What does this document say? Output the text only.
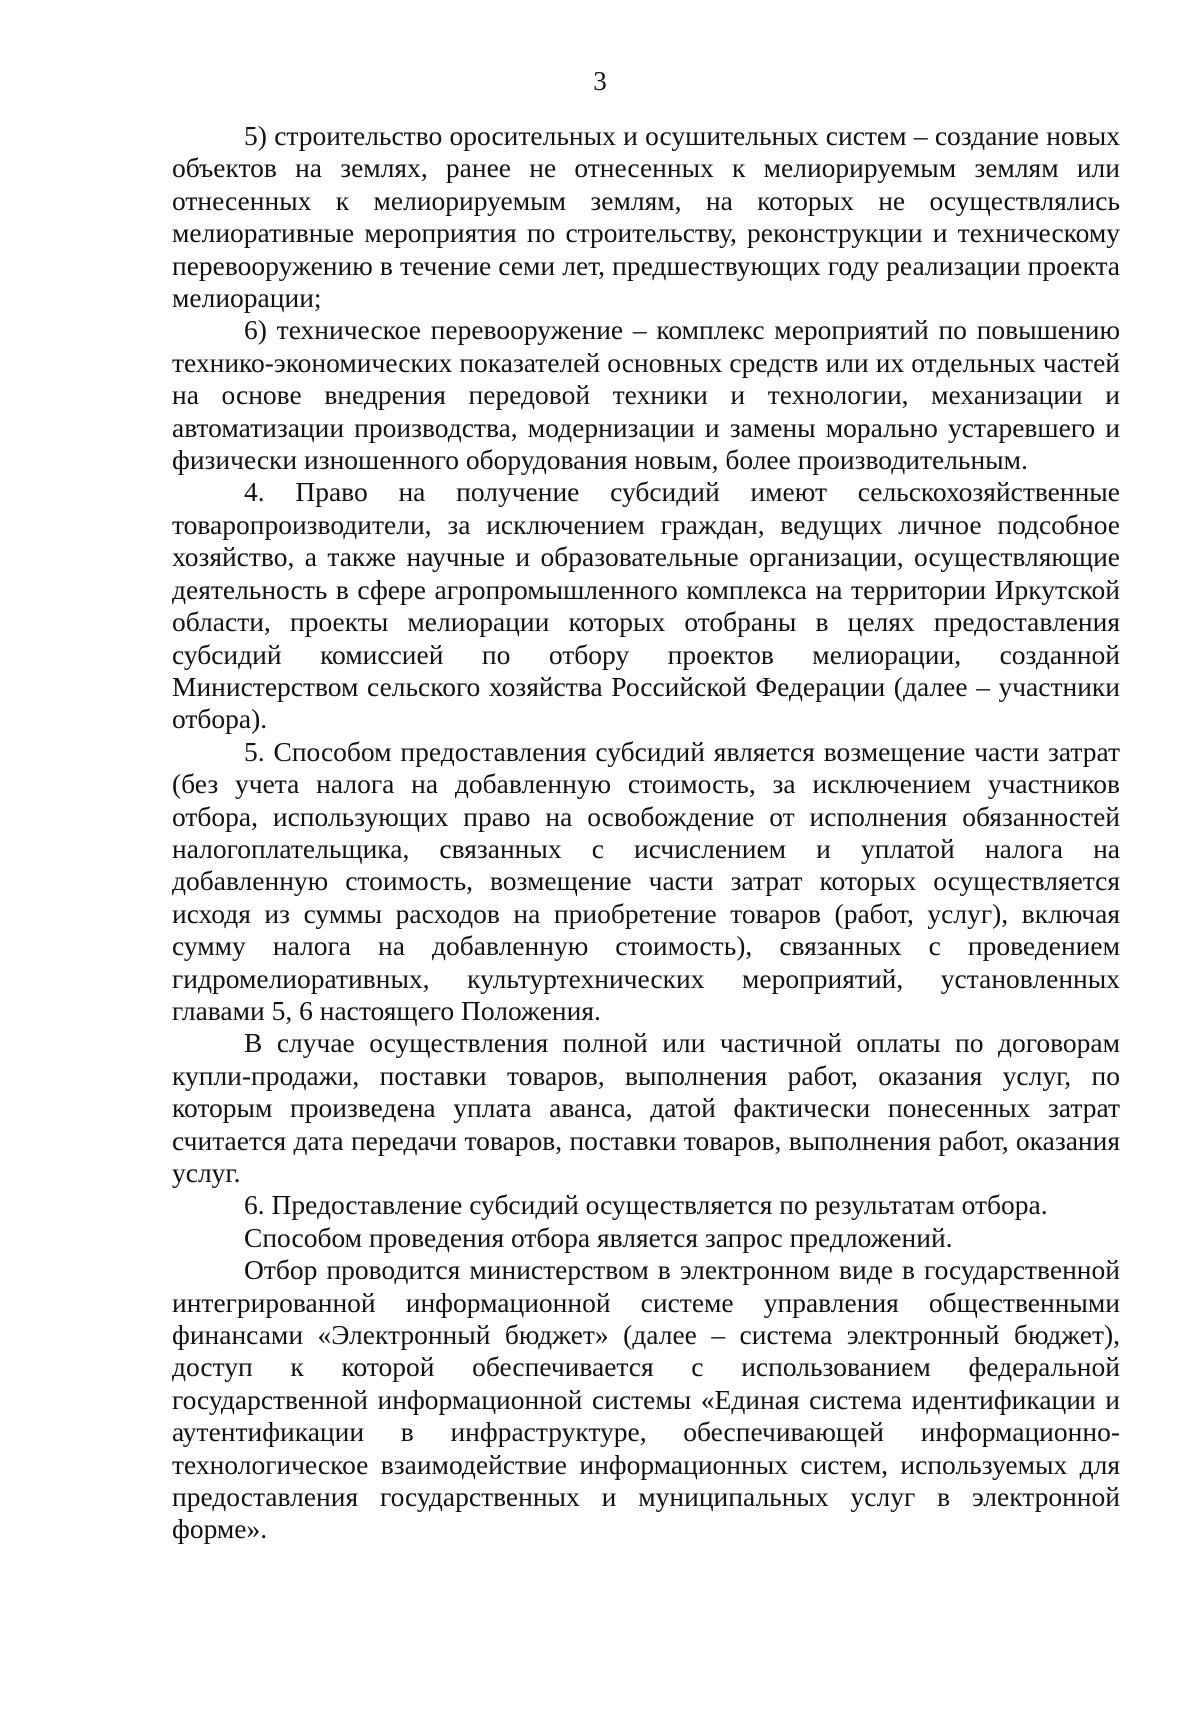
3

5) строительство оросительных и осушительных систем – создание новых объектов на землях, ранее не отнесенных к мелиорируемым землям или отнесенных к мелиорируемым землям, на которых не осуществлялись мелиоративные мероприятия по строительству, реконструкции и техническому перевооружению в течение семи лет, предшествующих году реализации проекта мелиорации;

6) техническое перевооружение – комплекс мероприятий по повышению технико-экономических показателей основных средств или их отдельных частей на основе внедрения передовой техники и технологии, механизации и автоматизации производства, модернизации и замены морально устаревшего и физически изношенного оборудования новым, более производительным.

4. Право на получение субсидий имеют сельскохозяйственные товаропроизводители, за исключением граждан, ведущих личное подсобное хозяйство, а также научные и образовательные организации, осуществляющие деятельность в сфере агропромышленного комплекса на территории Иркутской области, проекты мелиорации которых отобраны в целях предоставления субсидий комиссией по отбору проектов мелиорации, созданной Министерством сельского хозяйства Российской Федерации (далее – участники отбора).

5. Способом предоставления субсидий является возмещение части затрат (без учета налога на добавленную стоимость, за исключением участников отбора, использующих право на освобождение от исполнения обязанностей налогоплательщика, связанных с исчислением и уплатой налога на добавленную стоимость, возмещение части затрат которых осуществляется исходя из суммы расходов на приобретение товаров (работ, услуг), включая сумму налога на добавленную стоимость), связанных с проведением гидромелиоративных, культуртехнических мероприятий, установленных главами 5, 6 настоящего Положения.

В случае осуществления полной или частичной оплаты по договорам купли-продажи, поставки товаров, выполнения работ, оказания услуг, по которым произведена уплата аванса, датой фактически понесенных затрат считается дата передачи товаров, поставки товаров, выполнения работ, оказания услуг.

6. Предоставление субсидий осуществляется по результатам отбора.

Способом проведения отбора является запрос предложений.

Отбор проводится министерством в электронном виде в государственной интегрированной информационной системе управления общественными финансами «Электронный бюджет» (далее – система электронный бюджет), доступ к которой обеспечивается с использованием федеральной государственной информационной системы «Единая система идентификации и аутентификации в инфраструктуре, обеспечивающей информационно-технологическое взаимодействие информационных систем, используемых для предоставления государственных и муниципальных услуг в электронной форме».
